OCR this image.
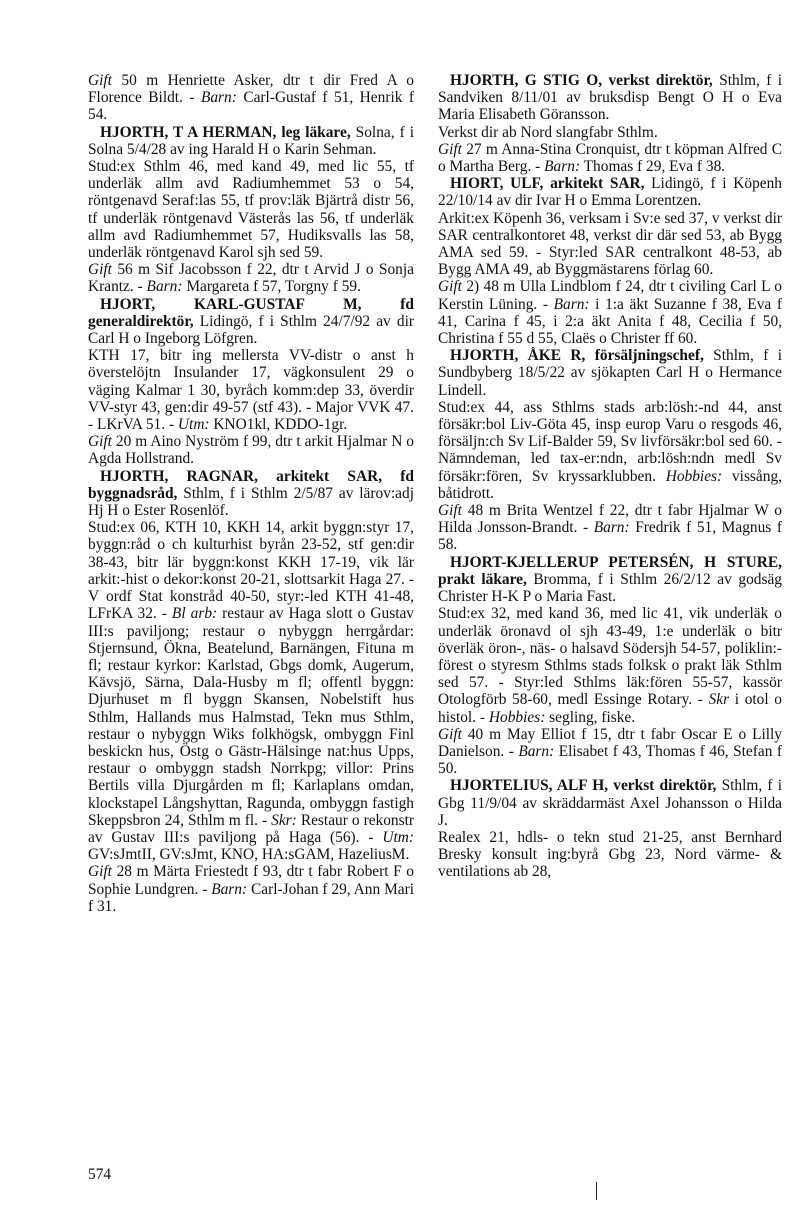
Gift 50 m Henriette Asker, dtr t dir Fred A o Florence Bildt. - Barn: Carl-Gustaf f 51, Henrik f 54.

HJORTH, T A HERMAN, leg läkare, Solna, f i Solna 5/4/28 av ing Harald H o Karin Sehman.

Stud:ex Sthlm 46, med kand 49, med lic 55, tf underläk allm avd Radiumhemmet 53 o 54, röntgenavd Seraf:las 55, tf prov:läk Bjärtrå distr 56, tf underläk röntgenavd Västerås las 56, tf underläk allm avd Radiumhemmet 57, Hudiksvalls las 58, underläk röntgenavd Karol sjh sed 59.

Gift 56 m Sif Jacobsson f 22, dtr t Arvid J o Sonja Krantz. - Barn: Margareta f 57, Torgny f 59.

HJORT, KARL-GUSTAF M, fd generaldirektör, Lidingö, f i Sthlm 24/7/92 av dir Carl H o Ingeborg Löfgren.

KTH 17, bitr ing mellersta VV-distr o anst h överstelöjtn Insulander 17, vägkonsulent 29 o väging Kalmar 1 30, byråch komm:dep 33, överdir VV-styr 43, gen:dir 49-57 (stf 43). - Major VVK 47. - LKrVA 51. - Utm: KNO1kl, KDDO-1gr.

Gift 20 m Aino Nyström f 99, dtr t arkit Hjalmar N o Agda Hollstrand.

HJORTH, RAGNAR, arkitekt SAR, fd byggnadsråd, Sthlm, f i Sthlm 2/5/87 av lärov:adj Hj H o Ester Rosenlöf.

Stud:ex 06, KTH 10, KKH 14, arkit byggn:styr 17, byggn:råd o ch kulturhist byrån 23-52, stf gen:dir 38-43, bitr lär byggn:konst KKH 17-19, vik lär arkit:-hist o dekor:konst 20-21, slottsarkit Haga 27. - V ordf Stat konstråd 40-50, styr:-led KTH 41-48, LFrKA 32. - Bl arb: restaur av Haga slott o Gustav III:s paviljong; restaur o nybyggn herrgårdar: Stjernsund, Ökna, Beatelund, Barnängen, Fituna m fl; restaur kyrkor: Karlstad, Gbgs domk, Augerum, Kävsjö, Särna, Dala-Husby m fl; offentl byggn: Djurhuset m fl byggn Skansen, Nobelstift hus Sthlm, Hallands mus Halmstad, Tekn mus Sthlm, restaur o nybyggn Wiks folkhögsk, ombyggn Finl beskickn hus, Östg o Gästr-Hälsinge nat:hus Upps, restaur o ombyggn stadsh Norrkpg; villor: Prins Bertils villa Djurgården m fl; Karlaplans omdan, klockstapel Långshyttan, Ragunda, ombyggn fastigh Skeppsbron 24, Sthlm m fl. - Skr: Restaur o rekonstr av Gustav III:s paviljong på Haga (56). - Utm: GV:sJmtII, GV:sJmt, KNO, HA:sGAM, HazeliusM.

Gift 28 m Märta Friestedt f 93, dtr t fabr Robert F o Sophie Lundgren. - Barn: Carl-Johan f 29, Ann Mari f 31.

HJORTH, G STIG O, verkst direktör, Sthlm, f i Sandviken 8/11/01 av bruksdisp Bengt O H o Eva Maria Elisabeth Göransson.

Verkst dir ab Nord slangfabr Sthlm.

Gift 27 m Anna-Stina Cronquist, dtr t köpman Alfred C o Martha Berg. - Barn: Thomas f 29, Eva f 38.

HIORT, ULF, arkitekt SAR, Lidingö, f i Köpenh 22/10/14 av dir Ivar H o Emma Lorentzen.

Arkit:ex Köpenh 36, verksam i Sv:e sed 37, v verkst dir SAR centralkontoret 48, verkst dir där sed 53, ab Bygg AMA sed 59. - Styr:led SAR centralkont 48-53, ab Bygg AMA 49, ab Byggmästarens förlag 60.

Gift 2) 48 m Ulla Lindblom f 24, dtr t civiling Carl L o Kerstin Lüning. - Barn: i 1:a äkt Suzanne f 38, Eva f 41, Carina f 45, i 2:a äkt Anita f 48, Cecilia f 50, Christina f 55 d 55, Claës o Christer ff 60.

HJORTH, ÅKE R, försäljningschef, Sthlm, f i Sundbyberg 18/5/22 av sjökapten Carl H o Hermance Lindell.

Stud:ex 44, ass Sthlms stads arb:lösh:-nd 44, anst försäkr:bol Liv-Göta 45, insp europ Varu o resgods 46, försäljn:ch Sv Lif-Balder 59, Sv livförsäkr:bol sed 60. - Nämndeman, led tax-er:ndn, arb:lösh:ndn medl Sv försäkr:fören, Sv kryssarklubben. Hobbies: vissång, båtidrott.

Gift 48 m Brita Wentzel f 22, dtr t fabr Hjalmar W o Hilda Jonsson-Brandt. - Barn: Fredrik f 51, Magnus f 58.

HJORT-KJELLERUP PETERSÉN, H STURE, prakt läkare, Bromma, f i Sthlm 26/2/12 av godsäg Christer H-K P o Maria Fast.

Stud:ex 32, med kand 36, med lic 41, vik underläk o underläk öronavd ol sjh 43-49, 1:e underläk o bitr överläk öron-, näs- o halsavd Södersjh 54-57, poliklin:-förest o styresm Sthlms stads folksk o prakt läk Sthlm sed 57. - Styr:led Sthlms läk:fören 55-57, kassör Otologförb 58-60, medl Essinge Rotary. - Skr i otol o histol. - Hobbies: segling, fiske.

Gift 40 m May Elliot f 15, dtr t fabr Oscar E o Lilly Danielson. - Barn: Elisabet f 43, Thomas f 46, Stefan f 50.

HJORTELIUS, ALF H, verkst direktör, Sthlm, f i Gbg 11/9/04 av skräddarmäst Axel Johansson o Hilda J.

Realex 21, hdls- o tekn stud 21-25, anst Bernhard Bresky konsult ing:byrå Gbg 23, Nord värme- & ventilations ab 28,

574
